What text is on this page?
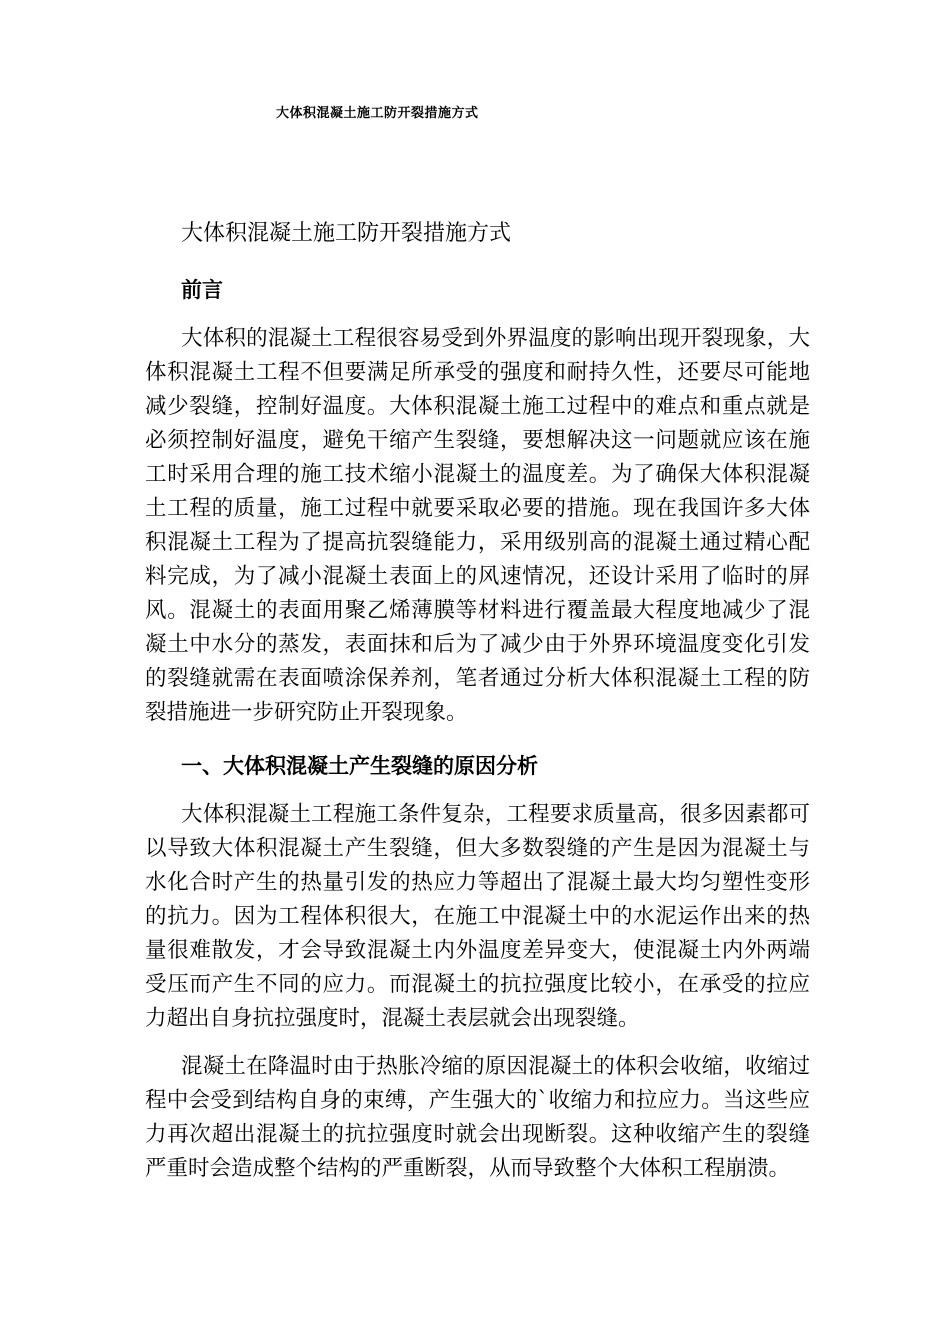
大体积混凝土施工防开裂措施方式
大体积混凝土施工防开裂措施方式
前言

大体积的混凝土工程很容易受到外界温度的影响出现开裂现象，大体积混凝土工程不但要满足所承受的强度和耐持久性，还要尽可能地减少裂缝，控制好温度。大体积混凝土施工过程中的难点和重点就是必须控制好温度，避免干缩产生裂缝，要想解决这一问题就应该在施工时采用合理的施工技术缩小混凝土的温度差。为了确保大体积混凝土工程的质量，施工过程中就要采取必要的措施。现在我国许多大体积混凝土工程为了提高抗裂缝能力，采用级别高的混凝土通过精心配料完成，为了减小混凝土表面上的风速情况，还设计采用了临时的屏风。混凝土的表面用聚乙烯薄膜等材料进行覆盖最大程度地减少了混凝土中水分的蒸发，表面抹和后为了减少由于外界环境温度变化引发的裂缝就需在表面喷涂保养剂，笔者通过分析大体积混凝土工程的防裂措施进一步研究防止开裂现象。

一、大体积混凝土产生裂缝的原因分析

大体积混凝土工程施工条件复杂，工程要求质量高，很多因素都可以导致大体积混凝土产生裂缝，但大多数裂缝的产生是因为混凝土与水化合时产生的热量引发的热应力等超出了混凝土最大均匀塑性变形的抗力。因为工程体积很大，在施工中混凝土中的水泥运作出来的热量很难散发，才会导致混凝土内外温度差异变大，使混凝土内外两端受压而产生不同的应力。而混凝土的抗拉强度比较小，在承受的拉应力超出自身抗拉强度时，混凝土表层就会出现裂缝。

混凝土在降温时由于热胀冷缩的原因混凝土的体积会收缩，收缩过程中会受到结构自身的束缚，产生强大的`收缩力和拉应力。当这些应力再次超出混凝土的抗拉强度时就会出现断裂。这种收缩产生的裂缝严重时会造成整个结构的严重断裂，从而导致整个大体积工程崩溃。
